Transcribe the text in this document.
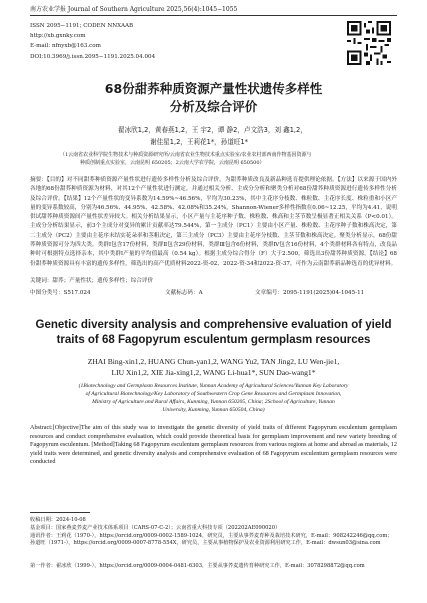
南方农业学报 Journal of Southern Agriculture 2025,56(4):1045−1055
ISSN 2095−1191; CODEN NNXAAB
http://xb.gxnky.com
E-mail: nfnyxb@163.com
DOI:10.3969/j.issn.2095−1191.2025.04.004
68份甜荞种质资源产量性状遗传多样性
分析及综合评价
翟冰欣1,2，黄春燕1,2，王 宇2，谭 静2，卢文浩3，刘 鑫1,2，
谢佳星1,2，王莉花1*，孙道旺1*
（1云南省农业科学院生物技术与种质资源研究所/云南省农业生物技术重点实验室/农业农村部西南作物基因资源与
种质创制重点实验室，云南昆明 650205；2云南大学农学院，云南昆明 650500）
摘要：【目的】对不同甜荞种质资源产量性状进行遗传多样性分析及综合评价，为甜荞种质改良及新品种选育提供理论依据。【方法】以来源于国内外各地的68份甜荞种质资源为材料，对其12个产量性状进行测定，并通过相关分析、主成分分析和聚类分析对68份甜荞种质资源进行遗传多样性分析及综合评价。【结果】12个产量性状的变异系数为14.59%~46.56%，平均为30.23%，其中主花序分枝数、株粒数、主花序长度、株粒重和小区产量的变异系数较高，分别为46.56%、44.95%、42.58%、42.08%和35.24%，Shannon-Wiener多样性指数在0.06~12.25，平均为4.41，说明供试甜荞种质资源间产量性状差异较大。相关分析结果显示，小区产量与主花序种子数、株粒数、株高和主茎节数呈极显著正相关关系（P<0.01）。主成分分析结果显示，前3个主成分对变异的累计贡献率达79.544%，第一主成分（PC1）主要由小区产量、株粒数、主花序种子数和株高决定，第二主成分（PC2）主要由主花序末结实花朵率和茎粗决定，第三主成分（PC3）主要由主花序分枝数、主茎节数和株高决定。聚类分析显示，68份甜荞种质资源可分为四大类，类群Ⅰ包含17份材料，类群Ⅱ包含29份材料，类群Ⅲ包含6份材料，类群Ⅳ包含16份材料，4个类群材料各有特点，改良品种时可根据特点选择亲本，其中类群Ⅰ产量的平均值最高（0.54 kg）。根据主成分综合得分（F）大于2.500，筛选出3份甜荞种质资源。【结论】68份甜荞种质资源具有丰富的遗传多样性，筛选出的高产优质材料2022-资-02、2022-资-34和2022-资-37，可作为云南甜荞新品种选育的优异材料。
关键词：甜荞；产量性状；遗传多样性；综合评价
中图分类号：S517.024	文献标志码：A	文章编号：2095-1191(2025)04-1045-11
Genetic diversity analysis and comprehensive evaluation of yield
traits of 68 Fagopyrum esculentum germplasm resources
ZHAI Bing-xin1,2, HUANG Chun-yan1,2, WANG Yu2, TAN Jing2, LU Wen-jie1,
LIU Xin1,2, XIE Jia-xing1,2, WANG Li-hua1*, SUN Dao-wang1*
(1Biotechnology and Germplasm Resources Institute, Yunnan Academy of Agricultural Sciences/Yunnan Key Laboratory
of Agricultural Biotechnology/Key Laboratory of Southwestern Crop Gene Resources and Germplasm Innovation,
Ministry of Agriculture and Rural Affairs, Kunming, Yunnan 650205, China; 2School of Agriculture, Yunnan
University, Kunming, Yunnan 650504, China)
Abstract:[Objective]The aim of this study was to investigate the genetic diversity of yield traits of different Fagopyrum esculentum germplasm resources and conduct comprehensive evaluation, which could provide theoretical basis for germplasm improvement and new variety breeding of Fagopyrum esculentum. [Method]Taking 68 Fagopyrum esculentum germplasm resources from various regions at home and abroad as materials, 12 yield traits were determined, and genetic diversity analysis and comprehensive evaluation of 68 Fagopyrum esculentum germplasm resources were conducted
收稿日期：2024-10-08
基金项目：国家燕麦荞麦产业技术体系项目（CARS-07-C-2）；云南省重大科技专项（202202AE090020）
通讯作者：王莉花（1970-），https://orcid.org/0009-0002-1589-1024，研究员，主要从事荞麦育种及栽培技术研究，E-mail：908242246@qq.com；孙道旺（1971-），https://orcid.org/0009-0007-8778-554X，研究员，主要从事植物保护及农业资源利用研究工作，E-mail：dwsun03@sina.com
第一作者：翟冰欣（1999-），https://orcid.org/0009-0004-0481-6303，主要从事荞麦遗传育种研究工作，E-mail：3078298872@qq.com
